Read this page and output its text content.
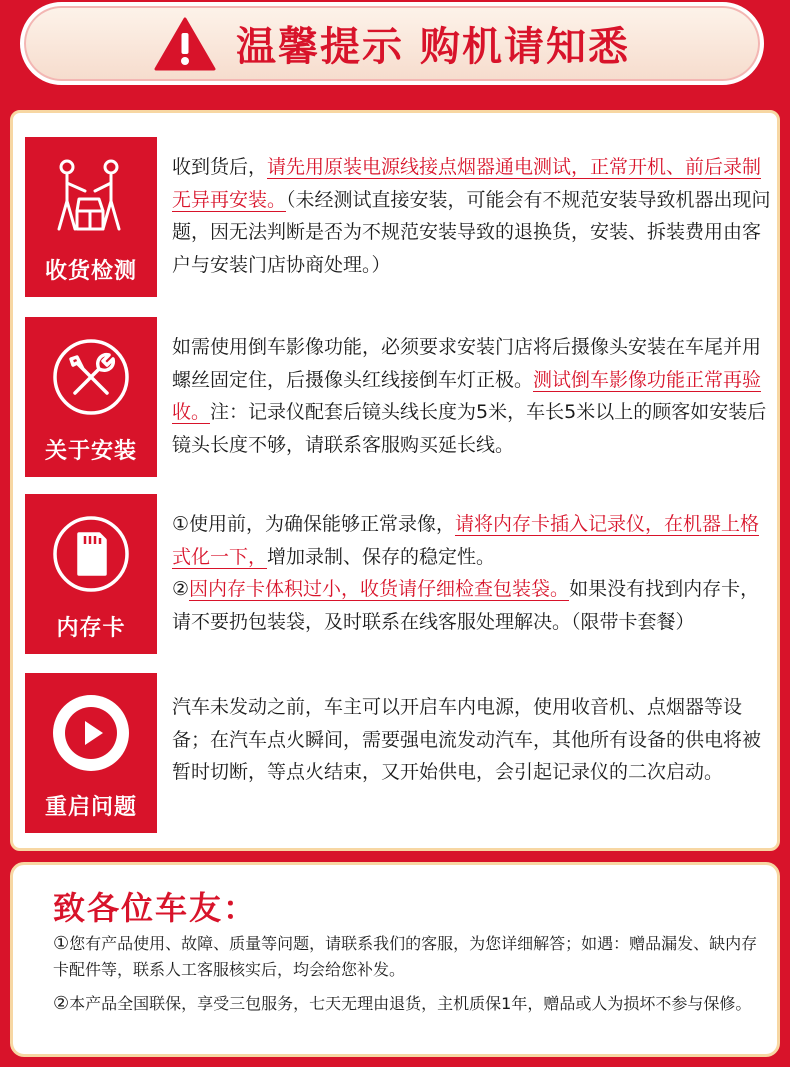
温馨提示 购机请知悉
收货检测
收到货后，请先用原装电源线接点烟器通电测试，正常开机、前后录制无异再安装。（未经测试直接安装，可能会有不规范安装导致机器出现问题，因无法判断是否为不规范安装导致的退换货，安装、拆装费用由客户与安装门店协商处理。）
关于安装
如需使用倒车影像功能，必须要求安装门店将后摄像头安装在车尾并用螺丝固定住，后摄像头红线接倒车灯正极。测试倒车影像功能正常再验收。注：记录仪配套后镜头线长度为5米，车长5米以上的顾客如安装后镜头长度不够，请联系客服购买延长线。
内存卡
①使用前，为确保能够正常录像，请将内存卡插入记录仪，在机器上格式化一下，增加录制、保存的稳定性。
②因内存卡体积过小，收货请仔细检查包装袋。如果没有找到内存卡，请不要扔包装袋，及时联系在线客服处理解决。（限带卡套餐）
重启问题
汽车未发动之前，车主可以开启车内电源，使用收音机、点烟器等设备；在汽车点火瞬间，需要强电流发动汽车，其他所有设备的供电将被暂时切断，等点火结束，又开始供电，会引起记录仪的二次启动。
致各位车友：
①您有产品使用、故障、质量等问题，请联系我们的客服，为您详细解答；如遇：赠品漏发、缺内存卡配件等，联系人工客服核实后，均会给您补发。
②本产品全国联保，享受三包服务，七天无理由退货，主机质保1年，赠品或人为损坏不参与保修。
